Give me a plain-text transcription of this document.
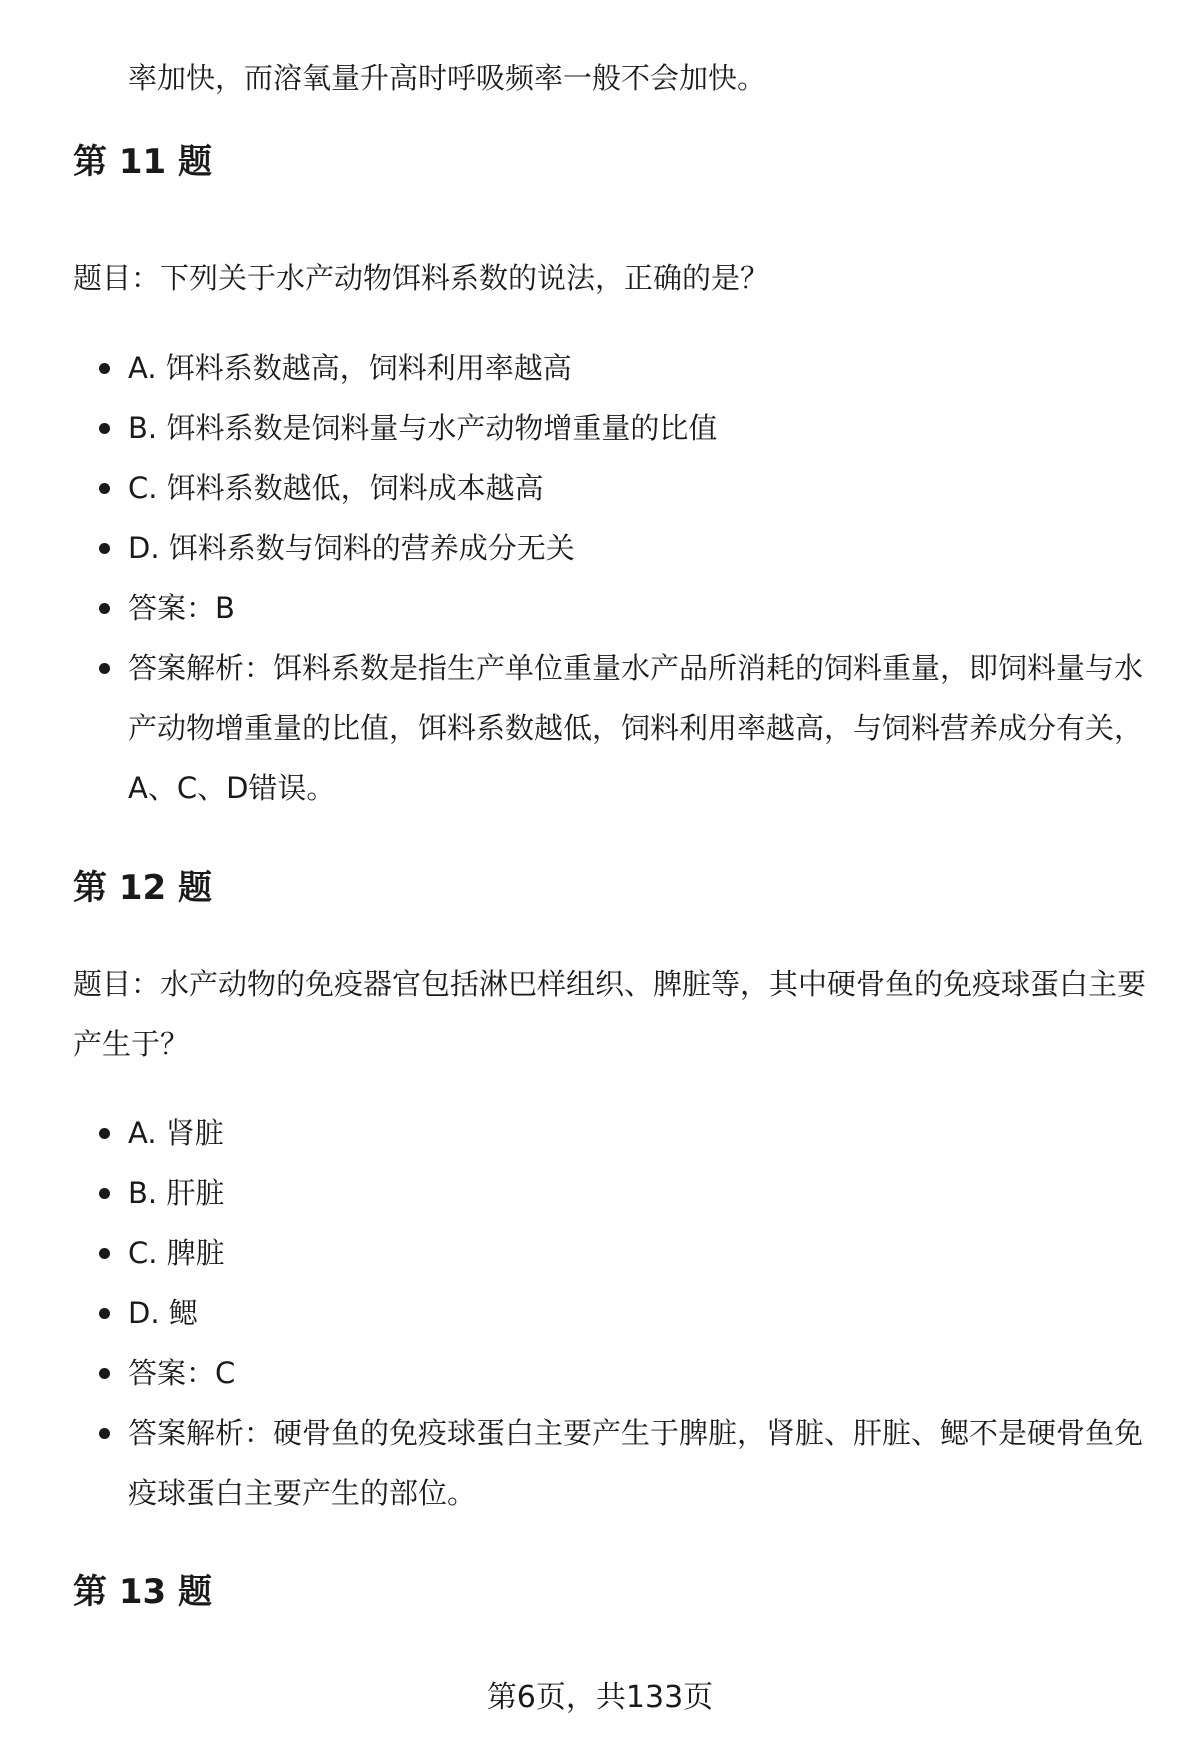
率加快，而溶氧量升高时呼吸频率一般不会加快。

第 11 题

题目：下列关于水产动物饵料系数的说法，正确的是？

A. 饵料系数越高，饲料利用率越高
B. 饵料系数是饲料量与水产动物增重量的比值
C. 饵料系数越低，饲料成本越高
D. 饵料系数与饲料的营养成分无关
答案：B
答案解析：饵料系数是指生产单位重量水产品所消耗的饲料重量，即饲料量与水产动物增重量的比值，饵料系数越低，饲料利用率越高，与饲料营养成分有关，A、C、D错误。
第 12 题

题目：水产动物的免疫器官包括淋巴样组织、脾脏等，其中硬骨鱼的免疫球蛋白主要产生于？

A. 肾脏
B. 肝脏
C. 脾脏
D. 鳃
答案：C
答案解析：硬骨鱼的免疫球蛋白主要产生于脾脏，肾脏、肝脏、鳃不是硬骨鱼免疫球蛋白主要产生的部位。
第 13 题

第6页，共133页
